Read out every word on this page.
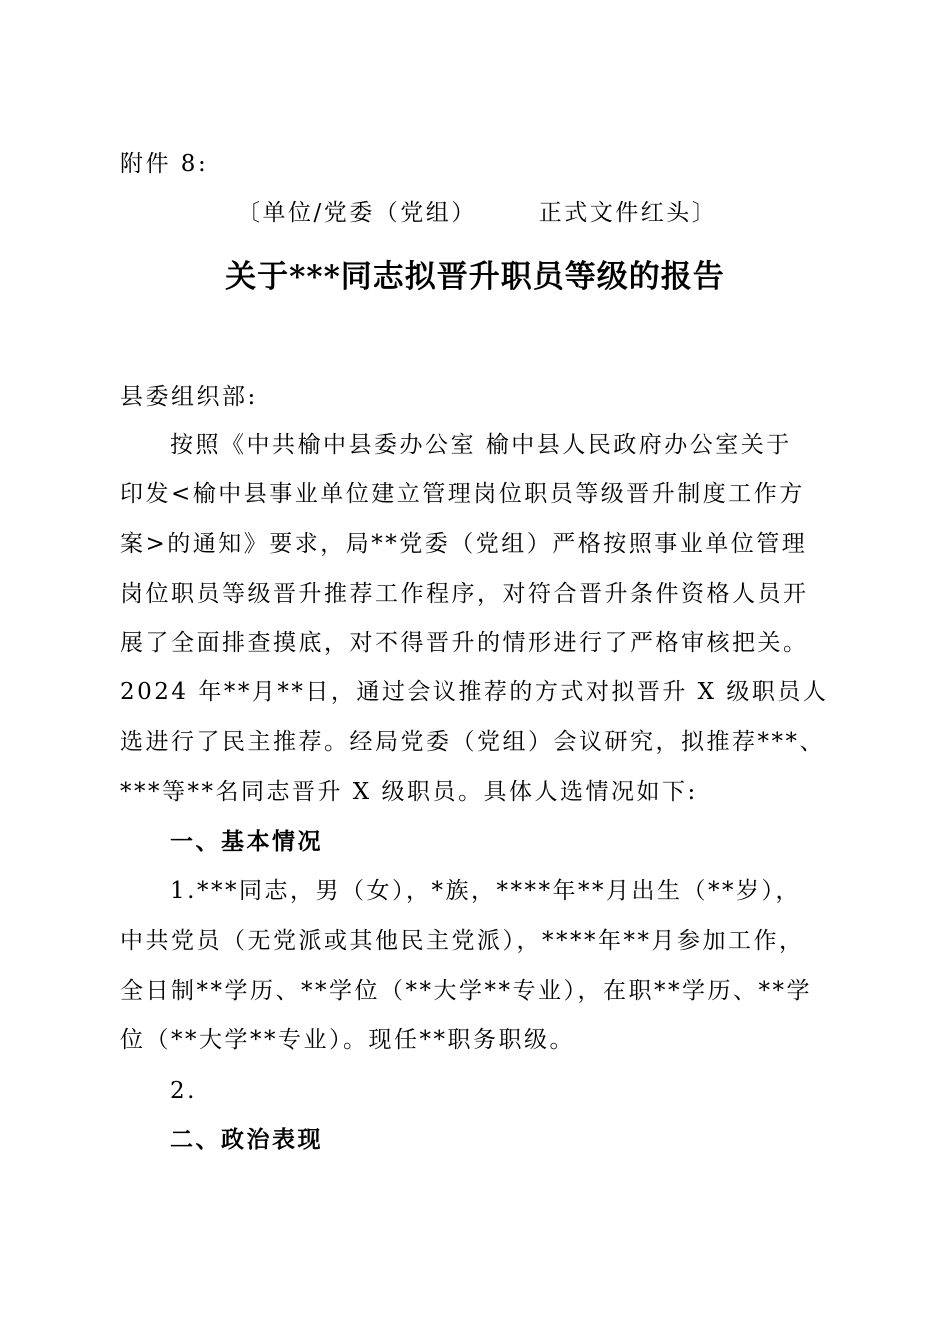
附件 8:

〔单位/党委（党组）	正式文件红头〕

关于***同志拟晋升职员等级的报告

县委组织部:

按照《中共榆中县委办公室 榆中县人民政府办公室关于

印发<榆中县事业单位建立管理岗位职员等级晋升制度工作方

案>的通知》要求，局**党委（党组）严格按照事业单位管理

岗位职员等级晋升推荐工作程序，对符合晋升条件资格人员开

展了全面排查摸底，对不得晋升的情形进行了严格审核把关。

2024 年**月**日，通过会议推荐的方式对拟晋升 X 级职员人

选进行了民主推荐。经局党委（党组）会议研究，拟推荐***、

***等**名同志晋升 X 级职员。具体人选情况如下:

一、基本情况

1.***同志，男（女），*族，****年**月出生（**岁），

中共党员（无党派或其他民主党派），****年**月参加工作，

全日制**学历、**学位（**大学**专业），在职**学历、**学

位（**大学**专业）。现任**职务职级。

2.

二、政治表现
